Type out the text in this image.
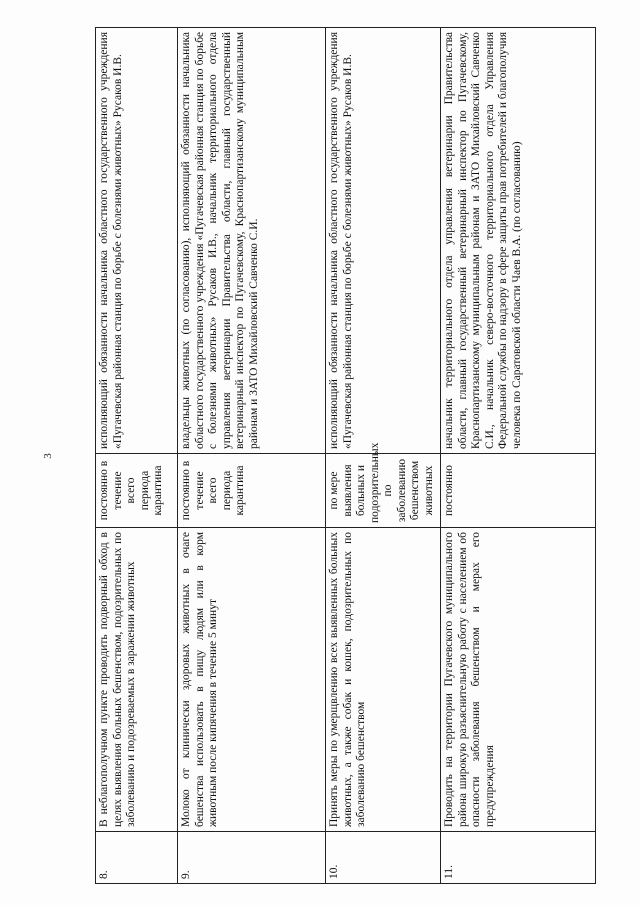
3
8.	В неблагополучном пункте проводить подворный обход в целях выявления больных бешенством, подозрительных по заболеванию и подозреваемых в заражении животных	постоянно в течение всего периода карантина	исполняющий обязанности начальника областного государственного учреждения «Пугачевская районная станция по борьбе с болезнями животных» Русаков И.В.
9.	Молоко от клинически здоровых животных в очаге бешенства использовать в пищу людям или в корм животным после кипячения в течение 5 минут	постоянно в течение всего периода карантина	владельцы животных (по согласованию), исполняющий обязанности начальника областного государственного учреждения «Пугачевская районная станция по борьбе с болезнями животных» Русаков И.В., начальник территориального отдела управления ветеринарии Правительства области, главный государственный ветеринарный инспектор по Пугачевскому, Краснопартизанскому муниципальным районам и ЗАТО Михайловский Савченко С.И.
10.	Принять меры по умерщвлению всех выявленных больных животных, а также собак и кошек, подозрительных по заболеванию бешенством	по мере выявления больных и подозрительных по заболеванию бешенством животных	исполняющий обязанности начальника областного государственного учреждения «Пугачевская районная станция по борьбе с болезнями животных» Русаков И.В.
11.	Проводить на территории Пугачевского муниципального района широкую разъяснительную работу с населением об опасности заболевания бешенством и мерах его предупреждения	постоянно	начальник территориального отдела управления ветеринарии Правительства области, главный государственный ветеринарный инспектор по Пугачевскому, Краснопартизанскому муниципальным районам и ЗАТО Михайловский Савченко С.И., начальник северо-восточного территориального отдела Управления Федеральной службы по надзору в сфере защиты прав потребителей и благополучия человека по Саратовской области Чаев В.А. (по согласованию)
